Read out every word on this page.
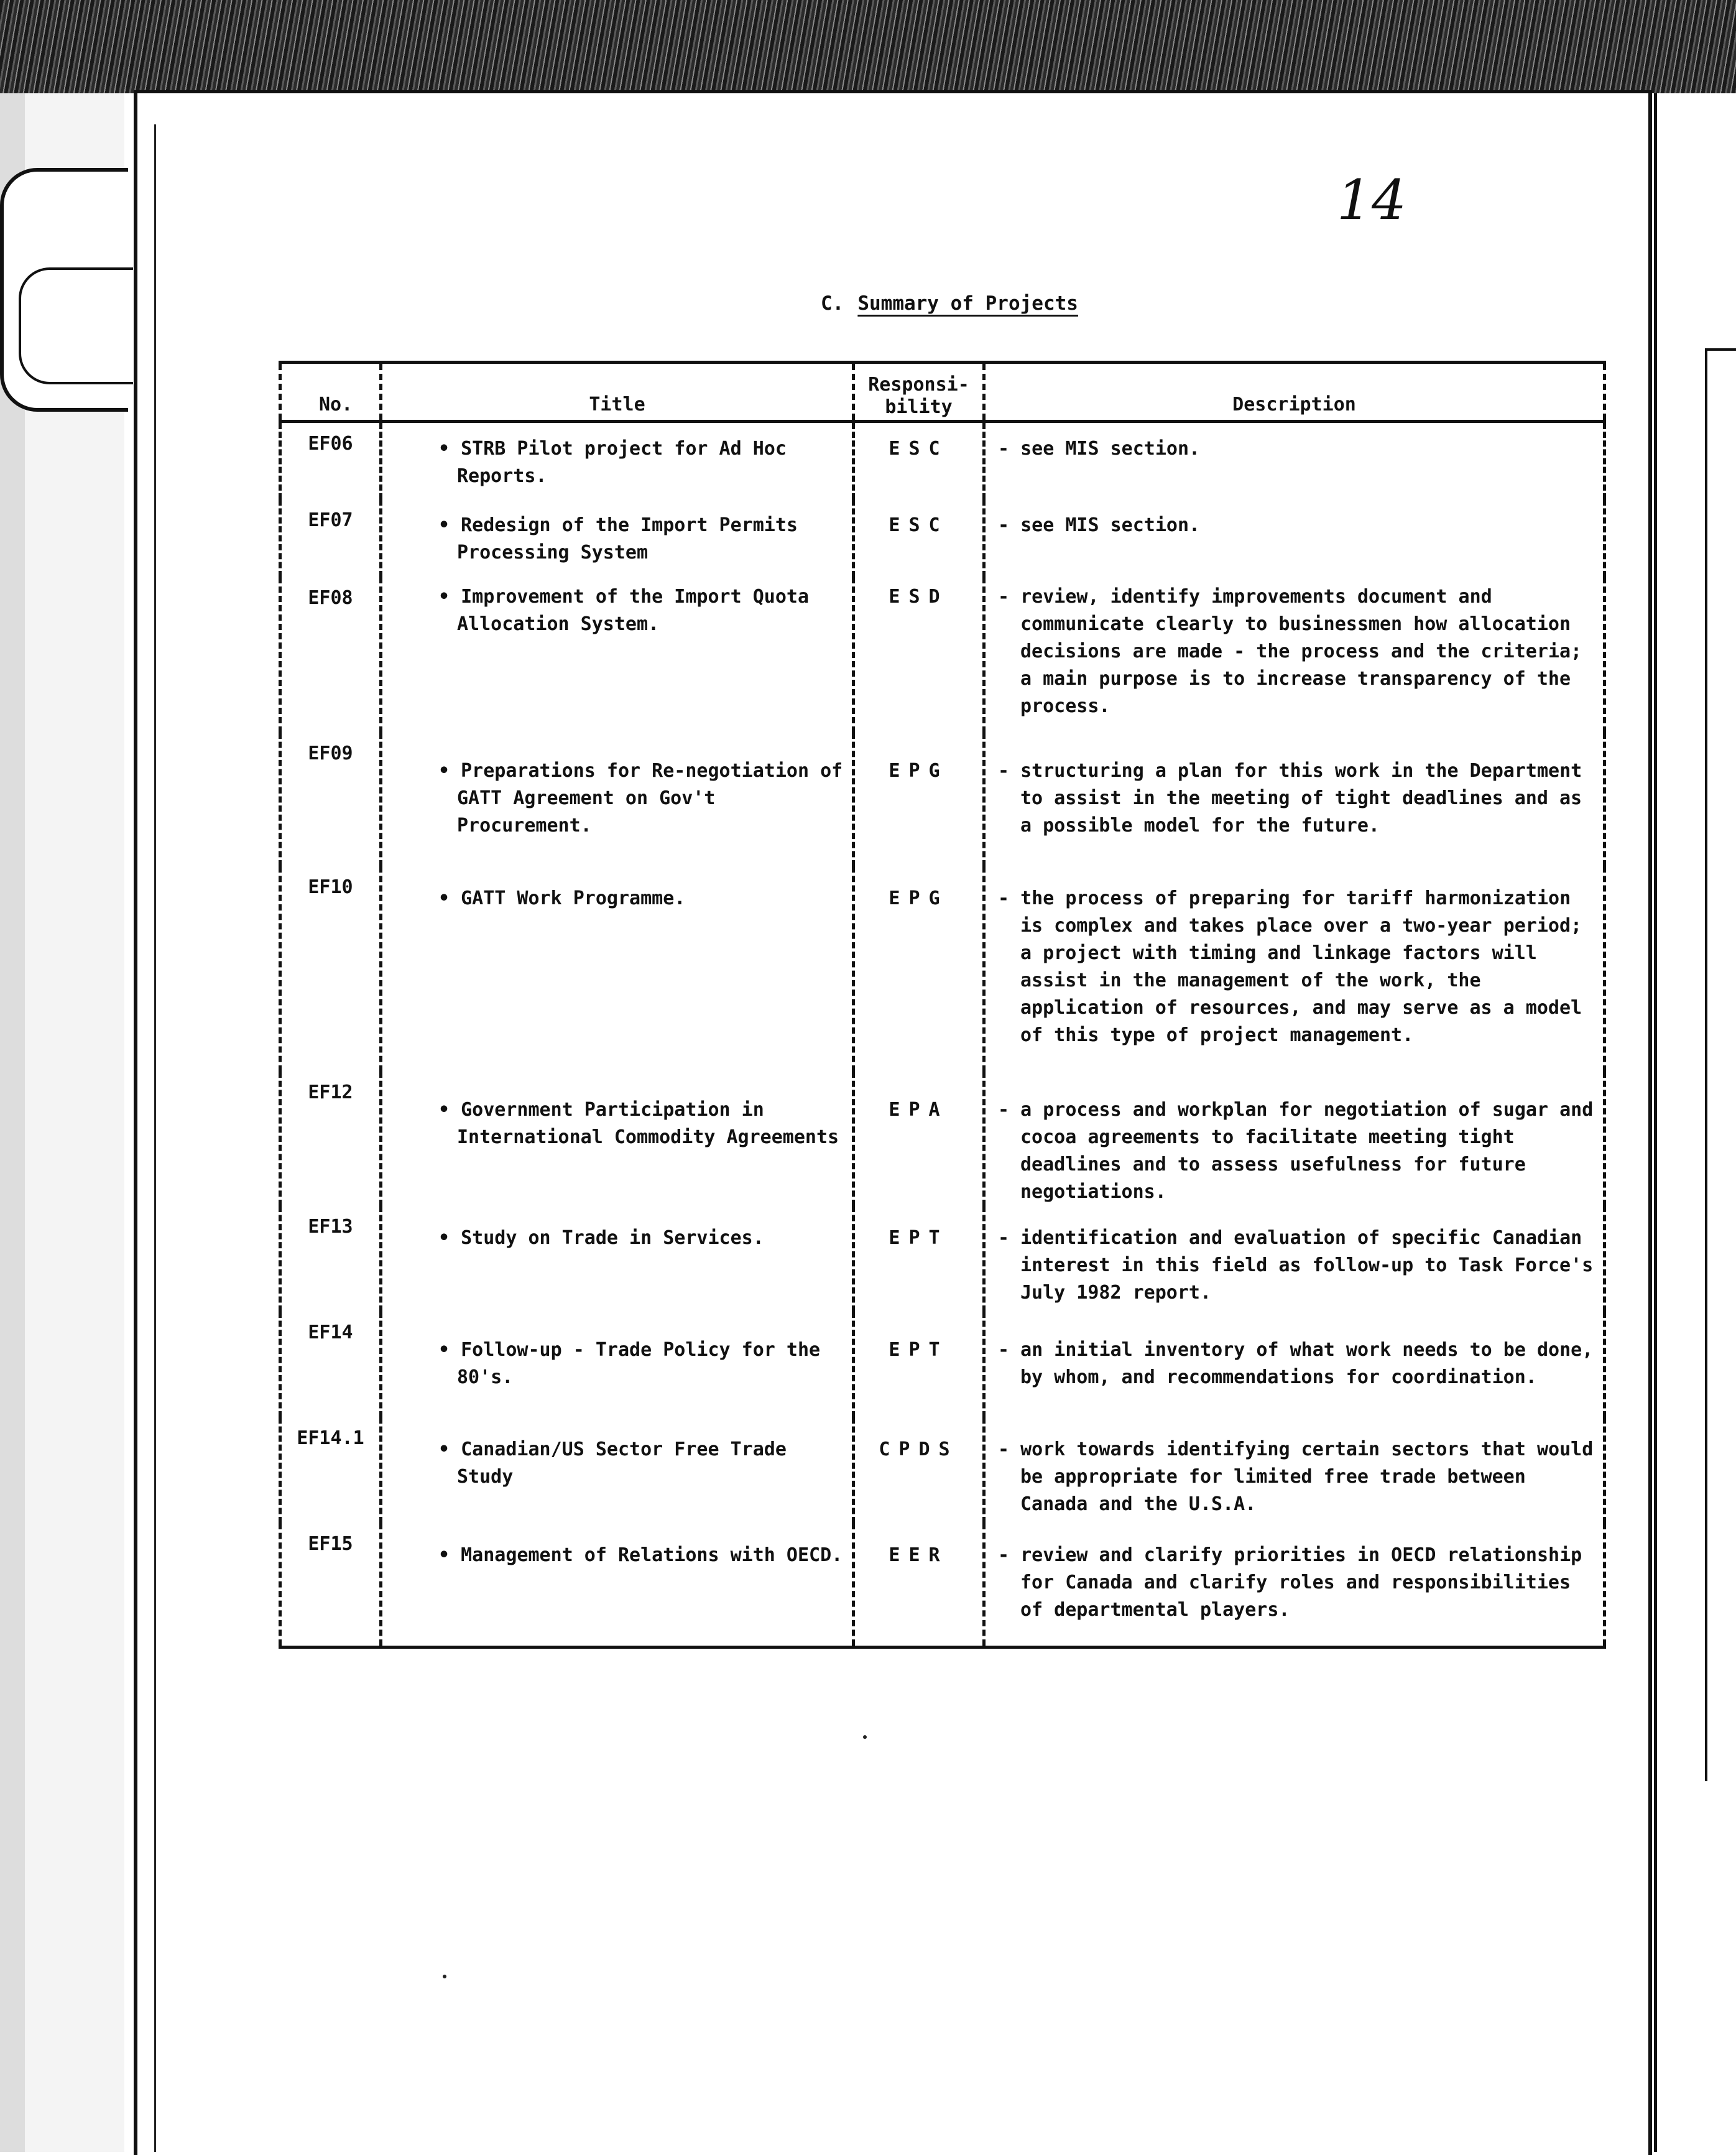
14
C. Summary of Projects
No.	Title	Responsi-bility	Description
EF06	• STRB Pilot project for Ad Hoc Reports.	ESC	- see MIS section.

EF07	• Redesign of the Import Permits Processing System	ESC	- see MIS section.

EF08	• Improvement of the Import Quota Allocation System.	ESD	- review, identify improvements document and communicate clearly to businessmen how allocation decisions are made - the process and the criteria; a main purpose is to increase transparency of the process.

EF09	• Preparations for Re-negotiation of GATT Agreement on Gov't Procurement.	EPG	- structuring a plan for this work in the Department to assist in the meeting of tight deadlines and as a possible model for the future.

EF10	• GATT Work Programme.	EPG	- the process of preparing for tariff harmonization is complex and takes place over a two-year period; a project with timing and linkage factors will assist in the management of the work, the application of resources, and may serve as a model of this type of project management.

EF12	• Government Participation in International Commodity Agreements	EPA	- a process and workplan for negotiation of sugar and cocoa agreements to facilitate meeting tight deadlines and to assess usefulness for future negotiations.

EF13	• Study on Trade in Services.	EPT	- identification and evaluation of specific Canadian interest in this field as follow-up to Task Force's July 1982 report.

EF14	• Follow-up - Trade Policy for the 80's.	EPT	- an initial inventory of what work needs to be done, by whom, and recommendations for coordination.

EF14.1	• Canadian/US Sector Free Trade Study	CPDS	- work towards identifying certain sectors that would be appropriate for limited free trade between Canada and the U.S.A.

EF15	• Management of Relations with OECD.	EER	- review and clarify priorities in OECD relationship for Canada and clarify roles and responsibilities of departmental players.
